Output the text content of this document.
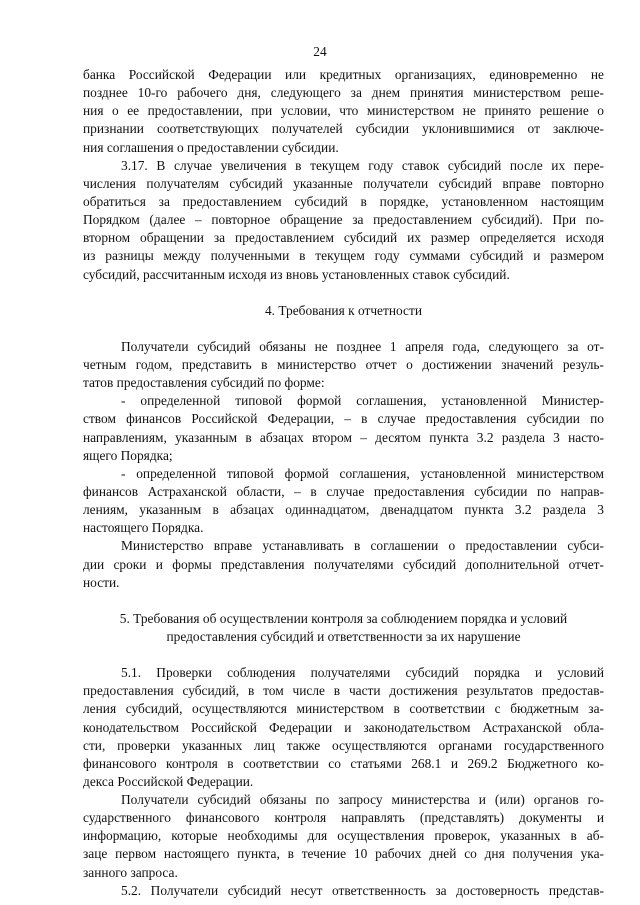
24
банка Российской Федерации или кредитных организациях, единовременно не
позднее 10-го рабочего дня, следующего за днем принятия министерством реше-
ния о ее предоставлении, при условии, что министерством не принято решение о
признании соответствующих получателей субсидии уклонившимися от заключе-
ния соглашения о предоставлении субсидии.
3.17. В случае увеличения в текущем году ставок субсидий после их пере-
числения получателям субсидий указанные получатели субсидий вправе повторно
обратиться за предоставлением субсидий в порядке, установленном настоящим
Порядком (далее – повторное обращение за предоставлением субсидий). При по-
вторном обращении за предоставлением субсидий их размер определяется исходя
из разницы между полученными в текущем году суммами субсидий и размером
субсидий, рассчитанным исходя из вновь установленных ставок субсидий.
4. Требования к отчетности
Получатели субсидий обязаны не позднее 1 апреля года, следующего за от-
четным годом, представить в министерство отчет о достижении значений резуль-
татов предоставления субсидий по форме:
- определенной типовой формой соглашения, установленной Министер-
ством финансов Российской Федерации, – в случае предоставления субсидии по
направлениям, указанным в абзацах втором – десятом пункта 3.2 раздела 3 насто-
ящего Порядка;
- определенной типовой формой соглашения, установленной министерством
финансов Астраханской области, – в случае предоставления субсидии по направ-
лениям, указанным в абзацах одиннадцатом, двенадцатом пункта 3.2 раздела 3
настоящего Порядка.
Министерство вправе устанавливать в соглашении о предоставлении субси-
дии сроки и формы представления получателями субсидий дополнительной отчет-
ности.
5. Требования об осуществлении контроля за соблюдением порядка и условий
предоставления субсидий и ответственности за их нарушение
5.1. Проверки соблюдения получателями субсидий порядка и условий
предоставления субсидий, в том числе в части достижения результатов предостав-
ления субсидий, осуществляются министерством в соответствии с бюджетным за-
конодательством Российской Федерации и законодательством Астраханской обла-
сти, проверки указанных лиц также осуществляются органами государственного
финансового контроля в соответствии со статьями 268.1 и 269.2 Бюджетного ко-
декса Российской Федерации.
Получатели субсидий обязаны по запросу министерства и (или) органов го-
сударственного финансового контроля направлять (представлять) документы и
информацию, которые необходимы для осуществления проверок, указанных в аб-
заце первом настоящего пункта, в течение 10 рабочих дней со дня получения ука-
занного запроса.
5.2. Получатели субсидий несут ответственность за достоверность представ-
